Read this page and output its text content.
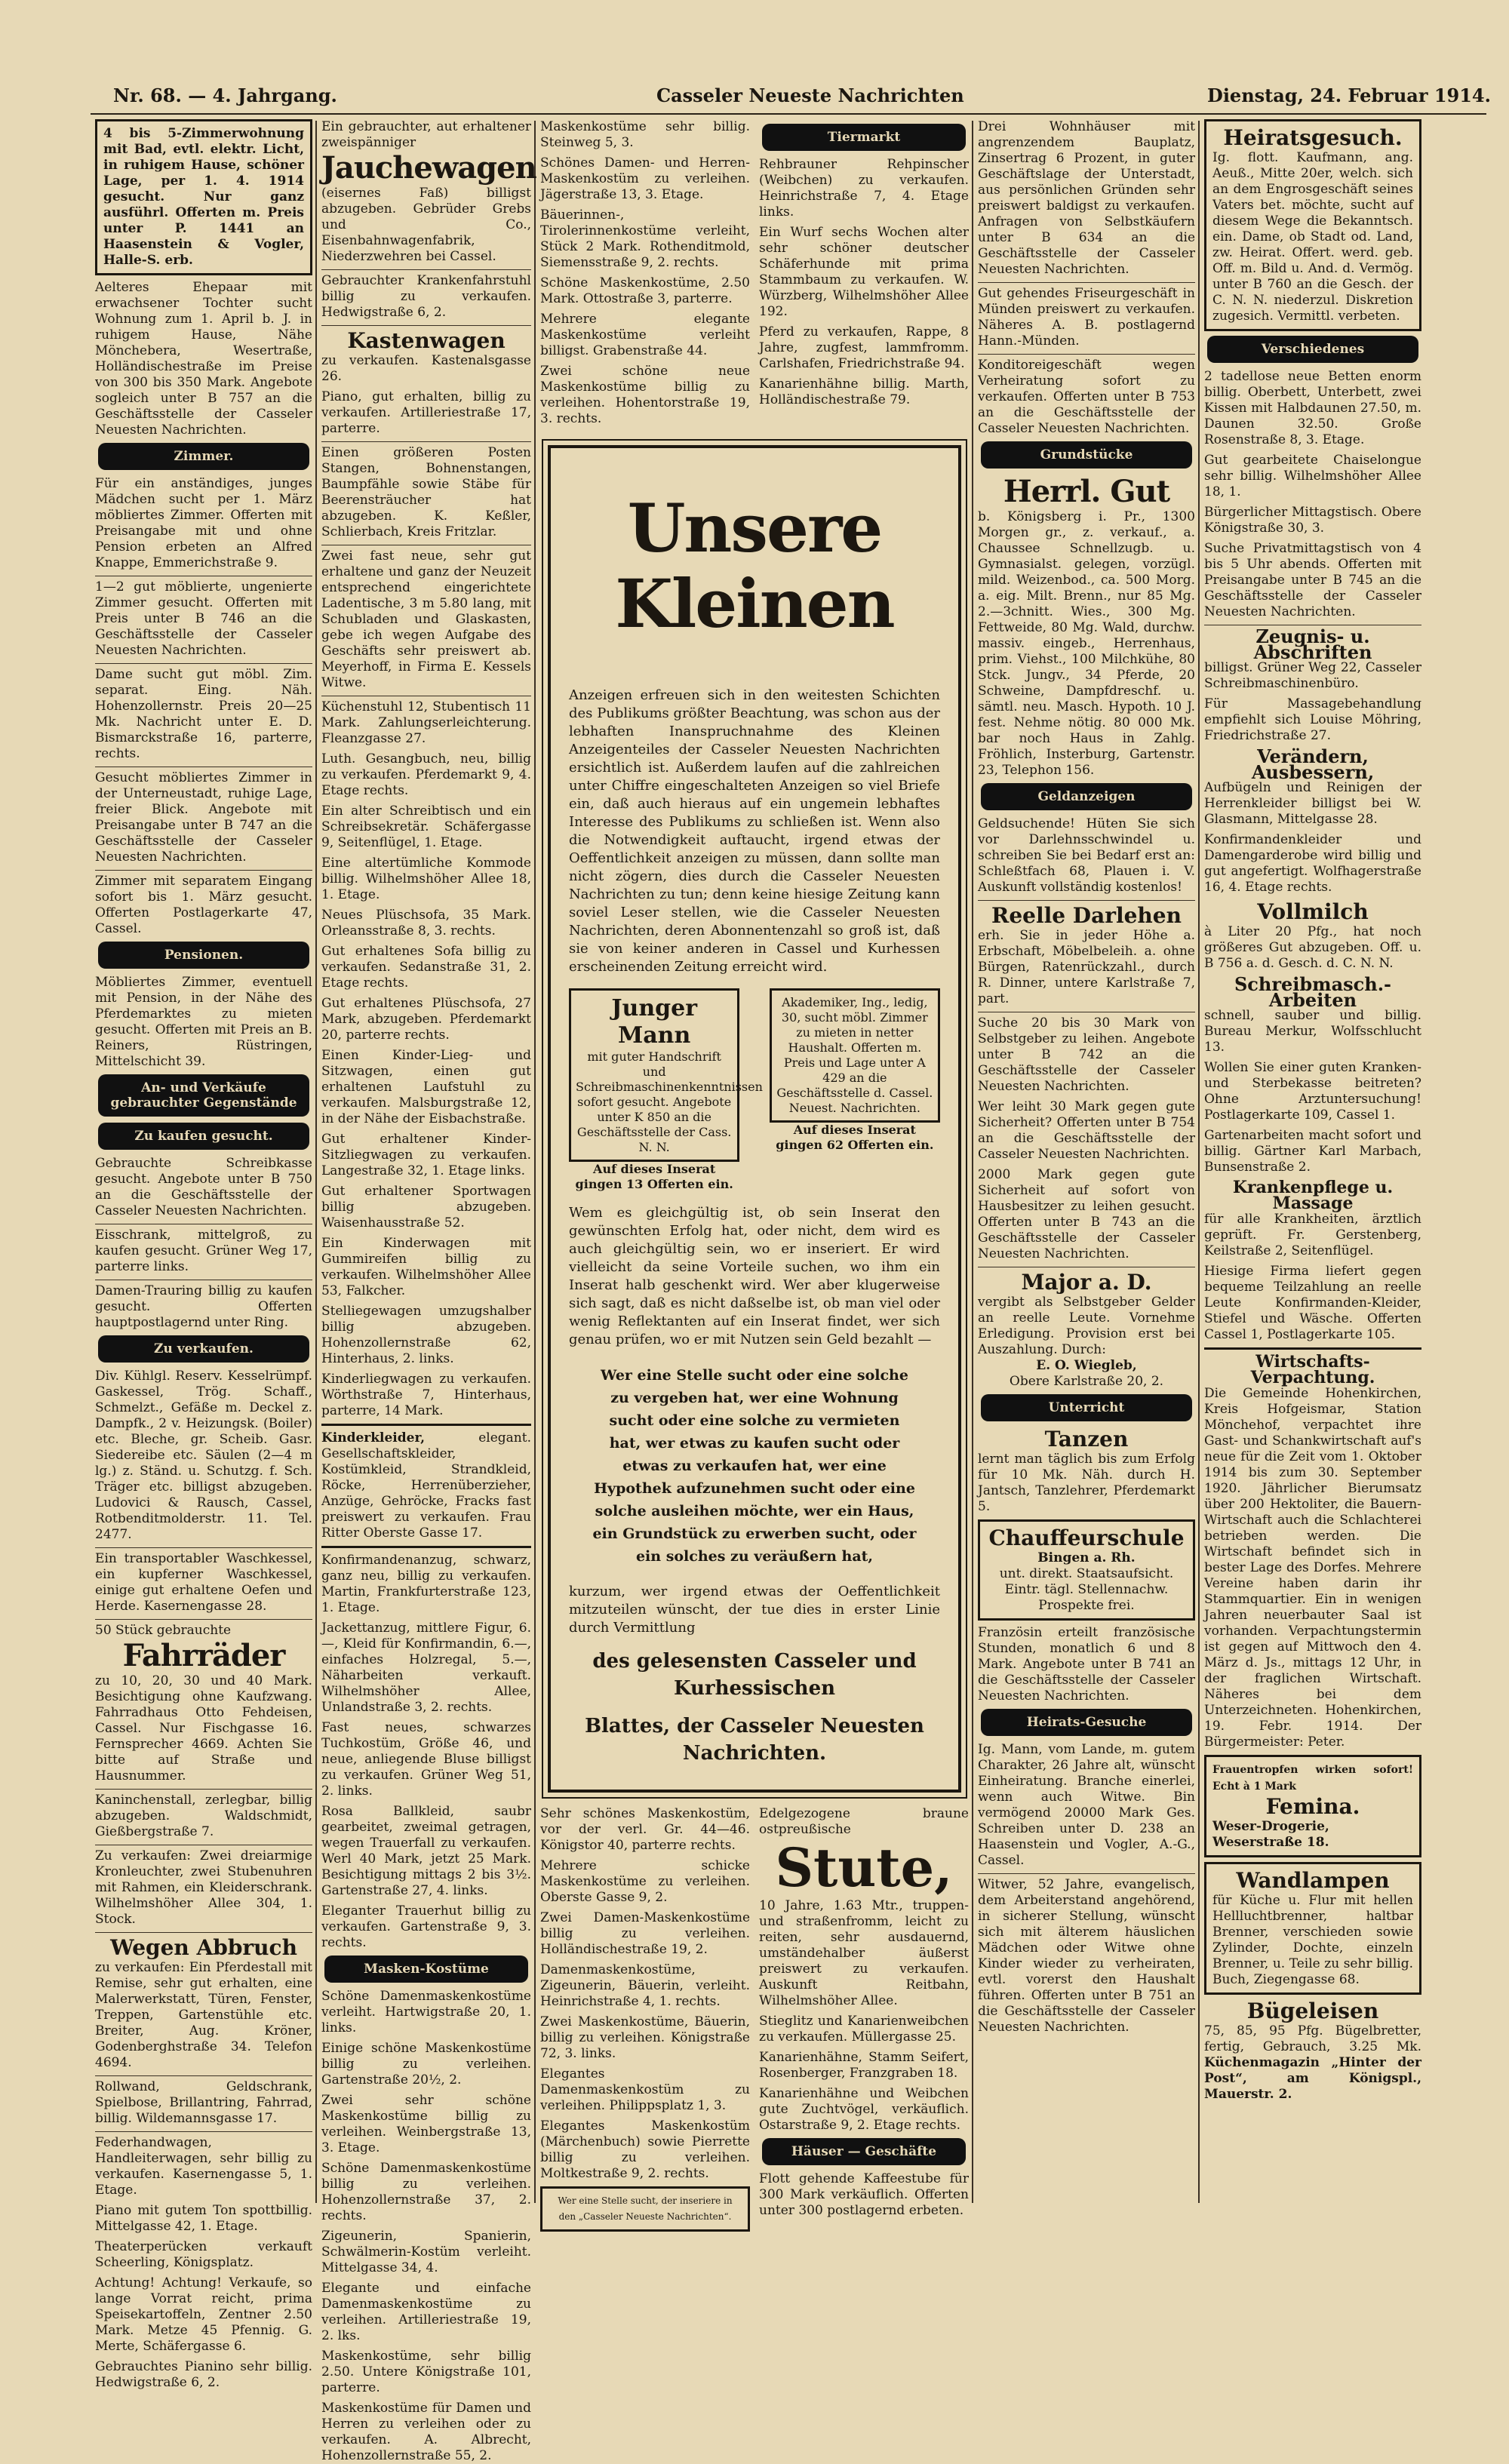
Nr. 68. — 4. Jahrgang.	Casseler Neueste Nachrichten	Dienstag, 24. Februar 1914.
4 bis 5-Zimmerwohnung mit Bad, evtl. elektr. Licht, in ruhigem Hause, schöner Lage, per 1. 4. 1914 gesucht. Nur ganz ausführl. Offerten m. Preis unter P. 1441 an Haasenstein & Vogler, Halle-S. erb.
Aelteres Ehepaar mit erwachsener Tochter sucht Wohnung zum 1. April b. J. in ruhigem Hause, Nähe Mönchebera, Wesertraße, Holländischestraße im Preise von 300 bis 350 Mark. Angebote sogleich unter B 757 an die Geschäftsstelle der Casseler Neuesten Nachrichten.
Zimmer.
Für ein anständiges, junges Mädchen sucht per 1. März möbliertes Zimmer. Offerten mit Preisangabe mit und ohne Pension erbeten an Alfred Knappe, Emmerichstraße 9.
1—2 gut möblierte, ungenierte Zimmer gesucht. Offerten mit Preis unter B 746 an die Geschäftsstelle der Casseler Neuesten Nachrichten.
Dame sucht gut möbl. Zim. separat. Eing. Näh. Hohenzollernstr. Preis 20—25 Mk. Nachricht unter E. D. Bismarckstraße 16, parterre, rechts.
Gesucht möbliertes Zimmer in der Unterneustadt, ruhige Lage, freier Blick. Angebote mit Preisangabe unter B 747 an die Geschäftsstelle der Casseler Neuesten Nachrichten.
Zimmer mit separatem Eingang sofort bis 1. März gesucht. Offerten Postlagerkarte 47, Cassel.
Pensionen.
Möbliertes Zimmer, eventuell mit Pension, in der Nähe des Pferdemarktes zu mieten gesucht. Offerten mit Preis an B. Reiners, Rüstringen, Mittelschicht 39.
An- und Verkäufe gebrauchter Gegenstände
Zu kaufen gesucht.
Gebrauchte Schreibkasse gesucht. Angebote unter B 750 an die Geschäftsstelle der Casseler Neuesten Nachrichten.
Eisschrank, mittelgroß, zu kaufen gesucht. Grüner Weg 17, parterre links.
Damen-Trauring billig zu kaufen gesucht. Offerten hauptpostlagernd unter Ring.
Zu verkaufen.
Div. Kühlgl. Reserv. Kesselrümpf. Gaskessel, Trög. Schaff., Schmelzt., Gefäße m. Deckel z. Dampfk., 2 v. Heizungsk. (Boiler) etc. Bleche, gr. Scheib. Gasr. Siedereibe etc. Säulen (2—4 m lg.) z. Ständ. u. Schutzg. f. Sch. Träger etc. billigst abzugeben. Ludovici & Rausch, Cassel, Rotbenditmolderstr. 11. Tel. 2477.
Ein transportabler Waschkessel, ein kupferner Waschkessel, einige gut erhaltene Oefen und Herde. Kasernengasse 28.
50 Stück gebrauchte
Fahrräder
zu 10, 20, 30 und 40 Mark. Besichtigung ohne Kaufzwang. Fahrradhaus Otto Fehdeisen, Cassel. Nur Fischgasse 16. Fernsprecher 4669. Achten Sie bitte auf Straße und Hausnummer.
Kaninchenstall, zerlegbar, billig abzugeben. Waldschmidt, Gießbergstraße 7.
Zu verkaufen: Zwei dreiarmige Kronleuchter, zwei Stubenuhren mit Rahmen, ein Kleiderschrank. Wilhelmshöher Allee 304, 1. Stock.
Wegen Abbruch
zu verkaufen: Ein Pferdestall mit Remise, sehr gut erhalten, eine Malerwerkstatt, Türen, Fenster, Treppen, Gartenstühle etc. Breiter, Aug. Kröner, Godenberghstraße 34. Telefon 4694.
Rollwand, Geldschrank, Spielbose, Brillantring, Fahrrad, billig. Wildemannsgasse 17.
Federhandwagen, Handleiterwagen, sehr billig zu verkaufen. Kasernengasse 5, 1. Etage.
Piano mit gutem Ton spottbillig. Mittelgasse 42, 1. Etage.
Theaterperücken verkauft Scheerling, Königsplatz.
Achtung! Achtung! Verkaufe, so lange Vorrat reicht, prima Speisekartoffeln, Zentner 2.50 Mark. Metze 45 Pfennig. G. Merte, Schäfergasse 6.
Gebrauchtes Pianino sehr billig. Hedwigstraße 6, 2.
Ein gebrauchter, aut erhaltener zweispänniger
Jauchewagen
(eisernes Faß) billigst abzugeben. Gebrüder Grebs und Co., Eisenbahnwagenfabrik, Niederzwehren bei Cassel.
Gebrauchter Krankenfahrstuhl billig zu verkaufen. Hedwigstraße 6, 2.
Kastenwagen
zu verkaufen. Kastenalsgasse 26.
Piano, gut erhalten, billig zu verkaufen. Artilleriestraße 17, parterre.
Einen größeren Posten Stangen, Bohnenstangen, Baumpfähle sowie Stäbe für Beerensträucher hat abzugeben. K. Keßler, Schlierbach, Kreis Fritzlar.
Zwei fast neue, sehr gut erhaltene und ganz der Neuzeit entsprechend eingerichtete Ladentische, 3 m 5.80 lang, mit Schubladen und Glaskasten, gebe ich wegen Aufgabe des Geschäfts sehr preiswert ab. Meyerhoff, in Firma E. Kessels Witwe.
Küchenstuhl 12, Stubentisch 11 Mark. Zahlungserleichterung. Fleanzgasse 27.
Luth. Gesangbuch, neu, billig zu verkaufen. Pferdemarkt 9, 4. Etage rechts.
Ein alter Schreibtisch und ein Schreibsekretär. Schäfergasse 9, Seitenflügel, 1. Etage.
Eine altertümliche Kommode billig. Wilhelmshöher Allee 18, 1. Etage.
Neues Plüschsofa, 35 Mark. Orleansstraße 8, 3. rechts.
Gut erhaltenes Sofa billig zu verkaufen. Sedanstraße 31, 2. Etage rechts.
Gut erhaltenes Plüschsofa, 27 Mark, abzugeben. Pferdemarkt 20, parterre rechts.
Einen Kinder-Lieg- und Sitzwagen, einen gut erhaltenen Laufstuhl zu verkaufen. Malsburgstraße 12, in der Nähe der Eisbachstraße.
Gut erhaltener Kinder-Sitzliegwagen zu verkaufen. Langestraße 32, 1. Etage links.
Gut erhaltener Sportwagen billig abzugeben. Waisenhausstraße 52.
Ein Kinderwagen mit Gummireifen billig zu verkaufen. Wilhelmshöher Allee 53, Falkcher.
Stelliegewagen umzugshalber billig abzugeben. Hohenzollernstraße 62, Hinterhaus, 2. links.
Kinderliegwagen zu verkaufen. Wörthstraße 7, Hinterhaus, parterre, 14 Mark.
Kinderkleider,	elegant. Gesellschaftskleider, Kostümkleid, Strandkleid, Röcke, Herrenüberzieher, Anzüge, Gehröcke, Fracks fast preiswert zu verkaufen. Frau Ritter Oberste Gasse 17.
Konfirmandenanzug, schwarz, ganz neu, billig zu verkaufen. Martin, Frankfurterstraße 123, 1. Etage.
Jackettanzug, mittlere Figur, 6.—, Kleid für Konfirmandin, 6.—, einfaches Holzregal, 5.—, Näharbeiten verkauft. Wilhelmshöher Allee, Unlandstraße 3, 2. rechts.
Fast neues, schwarzes Tuchkostüm, Größe 46, und neue, anliegende Bluse billigst zu verkaufen. Grüner Weg 51, 2. links.
Rosa Ballkleid, saubr gearbeitet, zweimal getragen, wegen Trauerfall zu verkaufen. Werl 40 Mark, jetzt 25 Mark. Besichtigung mittags 2 bis 3½. Gartenstraße 27, 4. links.
Eleganter Trauerhut billig zu verkaufen. Gartenstraße 9, 3. rechts.
Masken-Kostüme
Schöne Damenmaskenkostüme verleiht. Hartwigstraße 20, 1. links.
Einige schöne Maskenkostüme billig zu verleihen. Gartenstraße 20½, 2.
Zwei sehr schöne Maskenkostüme billig zu verleihen. Weinbergstraße 13, 3. Etage.
Schöne Damenmaskenkostüme billig zu verleihen. Hohenzollernstraße 37, 2. rechts.
Zigeunerin, Spanierin, Schwälmerin-Kostüm verleiht. Mittelgasse 34, 4.
Elegante und einfache Damenmaskenkostüme zu verleihen. Artilleriestraße 19, 2. lks.
Maskenkostüme, sehr billig 2.50. Untere Königstraße 101, parterre.
Maskenkostüme für Damen und Herren zu verleihen oder zu verkaufen. A. Albrecht, Hohenzollernstraße 55, 2.
Maskenkostüme sehr billig. Steinweg 5, 3.
Schönes Damen- und Herren-Maskenkostüm zu verleihen. Jägerstraße 13, 3. Etage.
Bäuerinnen-, Tirolerinnenkostüme verleiht, Stück 2 Mark. Rothenditmold, Siemensstraße 9, 2. rechts.
Schöne Maskenkostüme, 2.50 Mark. Ottostraße 3, parterre.
Mehrere elegante Maskenkostüme verleiht billigst. Grabenstraße 44.
Zwei schöne neue Maskenkostüme billig zu verleihen. Hohentorstraße 19, 3. rechts.
Tiermarkt
Rehbrauner Rehpinscher (Weibchen) zu verkaufen. Heinrichstraße 7, 4. Etage links.
Ein Wurf sechs Wochen alter sehr schöner deutscher Schäferhunde mit prima Stammbaum zu verkaufen. W. Würzberg, Wilhelmshöher Allee 192.
Pferd zu verkaufen, Rappe, 8 Jahre, zugfest, lammfromm. Carlshafen, Friedrichstraße 94.
Kanarienhähne billig. Marth, Holländischestraße 79.
Unsere Kleinen

Anzeigen erfreuen sich in den weitesten Schichten des Publikums größter Beachtung, was schon aus der lebhaften Inanspruchnahme des Kleinen Anzeigenteiles der Casseler Neuesten Nachrichten ersichtlich ist. Außerdem laufen auf die zahlreichen unter Chiffre eingeschalteten Anzeigen so viel Briefe ein, daß auch hieraus auf ein ungemein lebhaftes Interesse des Publikums zu schließen ist. Wenn also die Notwendigkeit auftaucht, irgend etwas der Oeffentlichkeit anzeigen zu müssen, dann sollte man nicht zögern, dies durch die Casseler Neuesten Nachrichten zu tun; denn keine hiesige Zeitung kann soviel Leser stellen, wie die Casseler Neuesten Nachrichten, deren Abonnentenzahl so groß ist, daß sie von keiner anderen in Cassel und Kurhessen erscheinenden Zeitung erreicht wird.

Junger Mann
mit guter Handschrift und Schreibmaschinenkenntnissen sofort gesucht. Angebote unter K 850 an die Geschäftsstelle der Cass. N. N.
Auf dieses Inserat gingen 13 Offerten ein.
Akademiker, Ing., ledig, 30, sucht möbl. Zimmer zu mieten in netter Haushalt. Offerten m. Preis und Lage unter A 429 an die Geschäftsstelle d. Cassel. Neuest. Nachrichten.
Auf dieses Inserat gingen 62 Offerten ein.

Wem es gleichgültig ist, ob sein Inserat den gewünschten Erfolg hat, oder nicht, dem wird es auch gleichgültig sein, wo er inseriert. Er wird vielleicht da seine Vorteile suchen, wo ihm ein Inserat halb geschenkt wird. Wer aber klugerweise sich sagt, daß es nicht daßselbe ist, ob man viel oder wenig Reflektanten auf ein Inserat findet, wer sich genau prüfen, wo er mit Nutzen sein Geld bezahlt —

Wer eine Stelle sucht oder eine solche zu vergeben hat, wer eine Wohnung sucht oder eine solche zu vermieten hat, wer etwas zu kaufen sucht oder etwas zu verkaufen hat, wer eine Hypothek aufzunehmen sucht oder eine solche ausleihen möchte, wer ein Haus, ein Grundstück zu erwerben sucht, oder ein solches zu veräußern hat,

kurzum, wer irgend etwas der Oeffentlichkeit mitzuteilen wünscht, der tue dies in erster Linie durch Vermittlung

des gelesensten Casseler und Kurhessischen
Blattes, der Casseler Neuesten Nachrichten.
Sehr schönes Maskenkostüm, vor der verl. Gr. 44—46. Königstor 40, parterre rechts.
Mehrere schicke Maskenkostüme zu verleihen. Oberste Gasse 9, 2.
Zwei Damen-Maskenkostüme billig zu verleihen. Holländischestraße 19, 2.
Damenmaskenkostüme, Zigeunerin, Bäuerin, verleiht. Heinrichstraße 4, 1. rechts.
Zwei Maskenkostüme, Bäuerin, billig zu verleihen. Königstraße 72, 3. links.
Elegantes Damenmaskenkostüm zu verleihen. Philippsplatz 1, 3.
Elegantes Maskenkostüm (Märchenbuch) sowie Pierrette billig zu verleihen. Moltkestraße 9, 2. rechts.
Wer eine Stelle sucht, der inseriere in den „Casseler Neueste Nachrichten“.
Edelgezogene braune ostpreußische
Stute,
10 Jahre, 1.63 Mtr., truppen- und straßenfromm, leicht zu reiten, sehr ausdauernd, umständehalber äußerst preiswert zu verkaufen. Auskunft Reitbahn, Wilhelmshöher Allee.
Stieglitz und Kanarienweibchen zu verkaufen. Müllergasse 25.
Kanarienhähne, Stamm Seifert, Rosenberger, Franzgraben 18.
Kanarienhähne und Weibchen gute Zuchtvögel, verkäuflich. Ostarstraße 9, 2. Etage rechts.
Häuser — Geschäfte
Flott gehende Kaffeestube für 300 Mark verkäuflich. Offerten unter 300 postlagernd erbeten.
Drei Wohnhäuser mit angrenzendem Bauplatz, Zinsertrag 6 Prozent, in guter Geschäftslage der Unterstadt, aus persönlichen Gründen sehr preiswert baldigst zu verkaufen. Anfragen von Selbstkäufern unter B 634 an die Geschäftsstelle der Casseler Neuesten Nachrichten.
Gut gehendes Friseurgeschäft in Münden preiswert zu verkaufen. Näheres A. B. postlagernd Hann.-Münden.
Konditoreigeschäft wegen Verheiratung sofort zu verkaufen. Offerten unter B 753 an die Geschäftsstelle der Casseler Neuesten Nachrichten.
Grundstücke
Herrl. Gut
b. Königsberg i. Pr., 1300 Morgen gr., z. verkauf., a. Chaussee Schnellzugb. u. Gymnasialst. gelegen, vorzügl. mild. Weizenbod., ca. 500 Morg. a. eig. Milt. Brenn., nur 85 Mg. 2.—3chnitt. Wies., 300 Mg. Fettweide, 80 Mg. Wald, durchw. massiv. eingeb., Herrenhaus, prim. Viehst., 100 Milchkühe, 80 Stck. Jungv., 34 Pferde, 20 Schweine, Dampfdreschf. u. sämtl. neu. Masch. Hypoth. 10 J. fest. Nehme nötig. 80 000 Mk. bar noch Haus in Zahlg. Fröhlich, Insterburg, Gartenstr. 23, Telephon 156.
Geldanzeigen
Geldsuchende! Hüten Sie sich vor Darlehnsschwindel u. schreiben Sie bei Bedarf erst an: Schleßtfach 68, Plauen i. V. Auskunft vollständig kostenlos!
Reelle Darlehen
erh. Sie in jeder Höhe a. Erbschaft, Möbelbeleih. a. ohne Bürgen, Ratenrückzahl., durch R. Dinner, untere Karlstraße 7, part.
Suche 20 bis 30 Mark von Selbstgeber zu leihen. Angebote unter B 742 an die Geschäftsstelle der Casseler Neuesten Nachrichten.
Wer leiht 30 Mark gegen gute Sicherheit? Offerten unter B 754 an die Geschäftsstelle der Casseler Neuesten Nachrichten.
2000 Mark gegen gute Sicherheit auf sofort von Hausbesitzer zu leihen gesucht. Offerten unter B 743 an die Geschäftsstelle der Casseler Neuesten Nachrichten.
Major a. D.
vergibt als Selbstgeber Gelder an reelle Leute. Vornehme Erledigung. Provision erst bei Auszahlung. Durch:
E. O. Wiegleb,
Obere Karlstraße 20, 2.
Unterricht
Tanzen
lernt man täglich bis zum Erfolg für 10 Mk. Näh. durch H. Jantsch, Tanzlehrer, Pferdemarkt 5.
Chauffeurschule
Bingen a. Rh.
unt. direkt. Staatsaufsicht. Eintr. tägl. Stellennachw. Prospekte frei.
Französin erteilt französische Stunden, monatlich 6 und 8 Mark. Angebote unter B 741 an die Geschäftsstelle der Casseler Neuesten Nachrichten.
Heirats-Gesuche
Ig. Mann, vom Lande, m. gutem Charakter, 26 Jahre alt, wünscht Einheiratung. Branche einerlei, wenn auch Witwe. Bin vermögend 20000 Mark Ges. Schreiben unter D. 238 an Haasenstein und Vogler, A.-G., Cassel.
Witwer, 52 Jahre, evangelisch, dem Arbeiterstand angehörend, in sicherer Stellung, wünscht sich mit älterem häuslichen Mädchen oder Witwe ohne Kinder wieder zu verheiraten, evtl. vorerst den Haushalt führen. Offerten unter B 751 an die Geschäftsstelle der Casseler Neuesten Nachrichten.
Heiratsgesuch.
Ig. flott. Kaufmann, ang. Aeuß., Mitte 20er, welch. sich an dem Engrosgeschäft seines Vaters bet. möchte, sucht auf diesem Wege die Bekanntsch. ein. Dame, ob Stadt od. Land, zw. Heirat. Offert. werd. geb. Off. m. Bild u. And. d. Vermög. unter B 760 an die Gesch. der C. N. N. niederzul. Diskretion zugesich. Vermittl. verbeten.
Verschiedenes
2 tadellose neue Betten enorm billig. Oberbett, Unterbett, zwei Kissen mit Halbdaunen 27.50, m. Daunen 32.50. Große Rosenstraße 8, 3. Etage.
Gut gearbeitete Chaiselongue sehr billig. Wilhelmshöher Allee 18, 1.
Bürgerlicher Mittagstisch. Obere Königstraße 30, 3.
Suche Privatmittagstisch von 4 bis 5 Uhr abends. Offerten mit Preisangabe unter B 745 an die Geschäftsstelle der Casseler Neuesten Nachrichten.
Zeugnis- u. Abschriften
billigst. Grüner Weg 22, Casseler Schreibmaschinenbüro.
Für Massagebehandlung empfiehlt sich Louise Möhring, Friedrichstraße 27.
Verändern, Ausbessern,
Aufbügeln und Reinigen der Herrenkleider billigst bei W. Glasmann, Mittelgasse 28.
Konfirmandenkleider und Damengarderobe wird billig und gut angefertigt. Wolfhagerstraße 16, 4. Etage rechts.
Vollmilch
à Liter 20 Pfg., hat noch größeres Gut abzugeben. Off. u. B 756 a. d. Gesch. d. C. N. N.
Schreibmasch.-Arbeiten
schnell, sauber und billig. Bureau Merkur, Wolfsschlucht 13.
Wollen Sie einer guten Kranken- und Sterbekasse beitreten? Ohne Arztuntersuchung! Postlagerkarte 109, Cassel 1.
Gartenarbeiten macht sofort und billig. Gärtner Karl Marbach, Bunsenstraße 2.
Krankenpflege u. Massage
für alle Krankheiten, ärztlich geprüft. Fr. Gerstenberg, Keilstraße 2, Seitenflügel.
Hiesige Firma liefert gegen bequeme Teilzahlung an reelle Leute Konfirmanden-Kleider, Stiefel und Wäsche. Offerten Cassel 1, Postlagerkarte 105.
Wirtschafts-Verpachtung.
Die Gemeinde Hohenkirchen, Kreis Hofgeismar, Station Mönchehof, verpachtet ihre Gast- und Schankwirtschaft auf's neue für die Zeit vom 1. Oktober 1914 bis zum 30. September 1920. Jährlicher Bierumsatz über 200 Hektoliter, die Bauern-Wirtschaft auch die Schlachterei betrieben werden. Die Wirtschaft befindet sich in bester Lage des Dorfes. Mehrere Vereine haben darin ihr Stammquartier. Ein in wenigen Jahren neuerbauter Saal ist vorhanden. Verpachtungstermin ist gegen auf Mittwoch den 4. März d. Js., mittags 12 Uhr, in der fraglichen Wirtschaft. Näheres bei dem Unterzeichneten. Hohenkirchen, 19. Febr. 1914. Der Bürgermeister: Peter.
Frauentropfen wirken sofort! Echt à 1 Mark
Femina.
Weser-Drogerie, Weserstraße 18.
Wandlampen
für Küche u. Flur mit hellen Hellluchtbrenner, haltbar Brenner, verschieden sowie Zylinder, Dochte, einzeln Brenner, u. Teile zu sehr billig. Buch, Ziegengasse 68.
Bügeleisen
75, 85, 95 Pfg. Bügelbretter, fertig, Gebrauch, 3.25 Mk. Küchenmagazin „Hinter der Post“, am Königspl., Mauerstr. 2.
